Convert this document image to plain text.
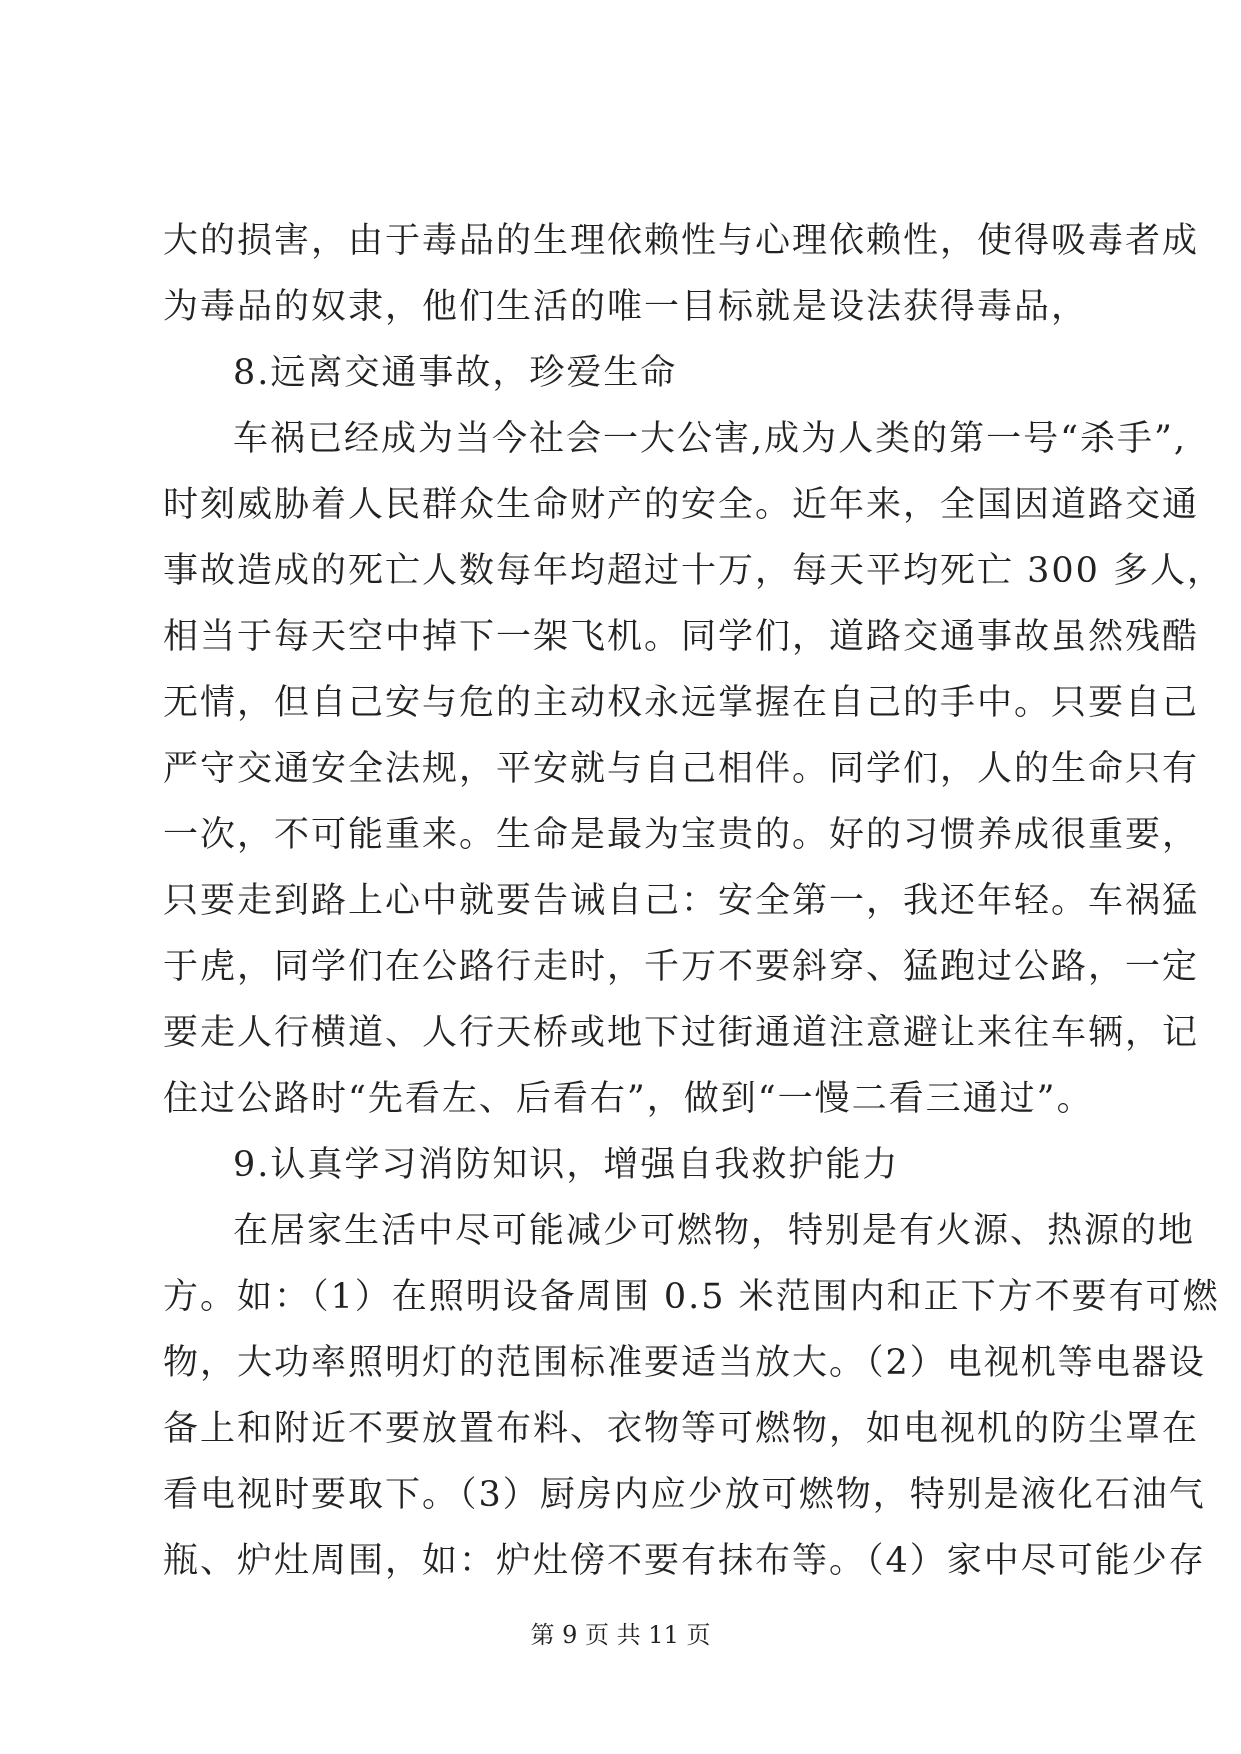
大的损害，由于毒品的生理依赖性与心理依赖性，使得吸毒者成
为毒品的奴隶，他们生活的唯一目标就是设法获得毒品，
8.远离交通事故，珍爱生命
车祸已经成为当今社会一大公害,成为人类的第一号“杀手”,
时刻威胁着人民群众生命财产的安全。近年来，全国因道路交通
事故造成的死亡人数每年均超过十万，每天平均死亡 300 多人，
相当于每天空中掉下一架飞机。同学们，道路交通事故虽然残酷
无情，但自己安与危的主动权永远掌握在自己的手中。只要自己
严守交通安全法规，平安就与自己相伴。同学们，人的生命只有
一次，不可能重来。生命是最为宝贵的。好的习惯养成很重要，
只要走到路上心中就要告诫自己：安全第一，我还年轻。车祸猛
于虎，同学们在公路行走时，千万不要斜穿、猛跑过公路，一定
要走人行横道、人行天桥或地下过街通道注意避让来往车辆，记
住过公路时“先看左、后看右”，做到“一慢二看三通过”。
9.认真学习消防知识，增强自我救护能力
在居家生活中尽可能减少可燃物，特别是有火源、热源的地
方。如：（1）在照明设备周围 0.5 米范围内和正下方不要有可燃
物，大功率照明灯的范围标准要适当放大。（2）电视机等电器设
备上和附近不要放置布料、衣物等可燃物，如电视机的防尘罩在
看电视时要取下。（3）厨房内应少放可燃物，特别是液化石油气
瓶、炉灶周围，如：炉灶傍不要有抹布等。（4）家中尽可能少存
第 9 页 共 11 页
